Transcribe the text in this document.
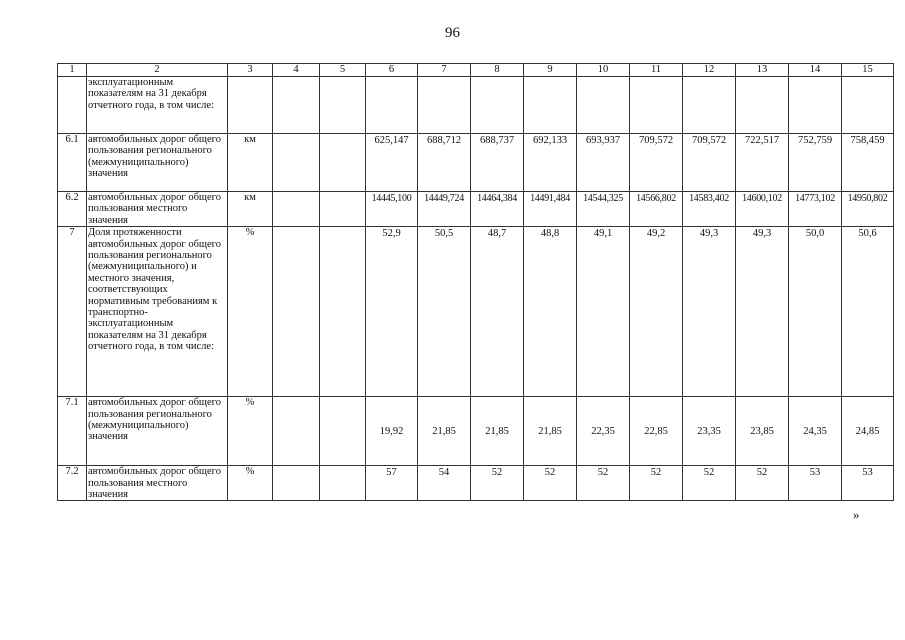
96
1	2	3	4	5	6	7	8	9	10	11	12	13	14	15
	эксплуатационным показателям на 31 декабря отчетного года, в том числе:													
6.1	автомобильных дорог общего пользования регионального (межмуниципального) значения	км			625,147	688,712	688,737	692,133	693,937	709,572	709,572	722,517	752,759	758,459
6.2	автомобильных дорог общего пользования местного значения	км			14445,100	14449,724	14464,384	14491,484	14544,325	14566,802	14583,402	14600,102	14773,102	14950,802
7	Доля протяженности автомобильных дорог общего пользования регионального (межмуниципального) и местного значения, соответствующих нормативным требованиям к транспортно-эксплуатационным показателям на 31 декабря отчетного года, в том числе:	%			52,9	50,5	48,7	48,8	49,1	49,2	49,3	49,3	50,0	50,6
7.1	автомобильных дорог общего пользования регионального (межмуниципального) значения	%			19,92	21,85	21,85	21,85	22,35	22,85	23,35	23,85	24,35	24,85
7.2	автомобильных дорог общего пользования местного значения	%			57	54	52	52	52	52	52	52	53	53
»
